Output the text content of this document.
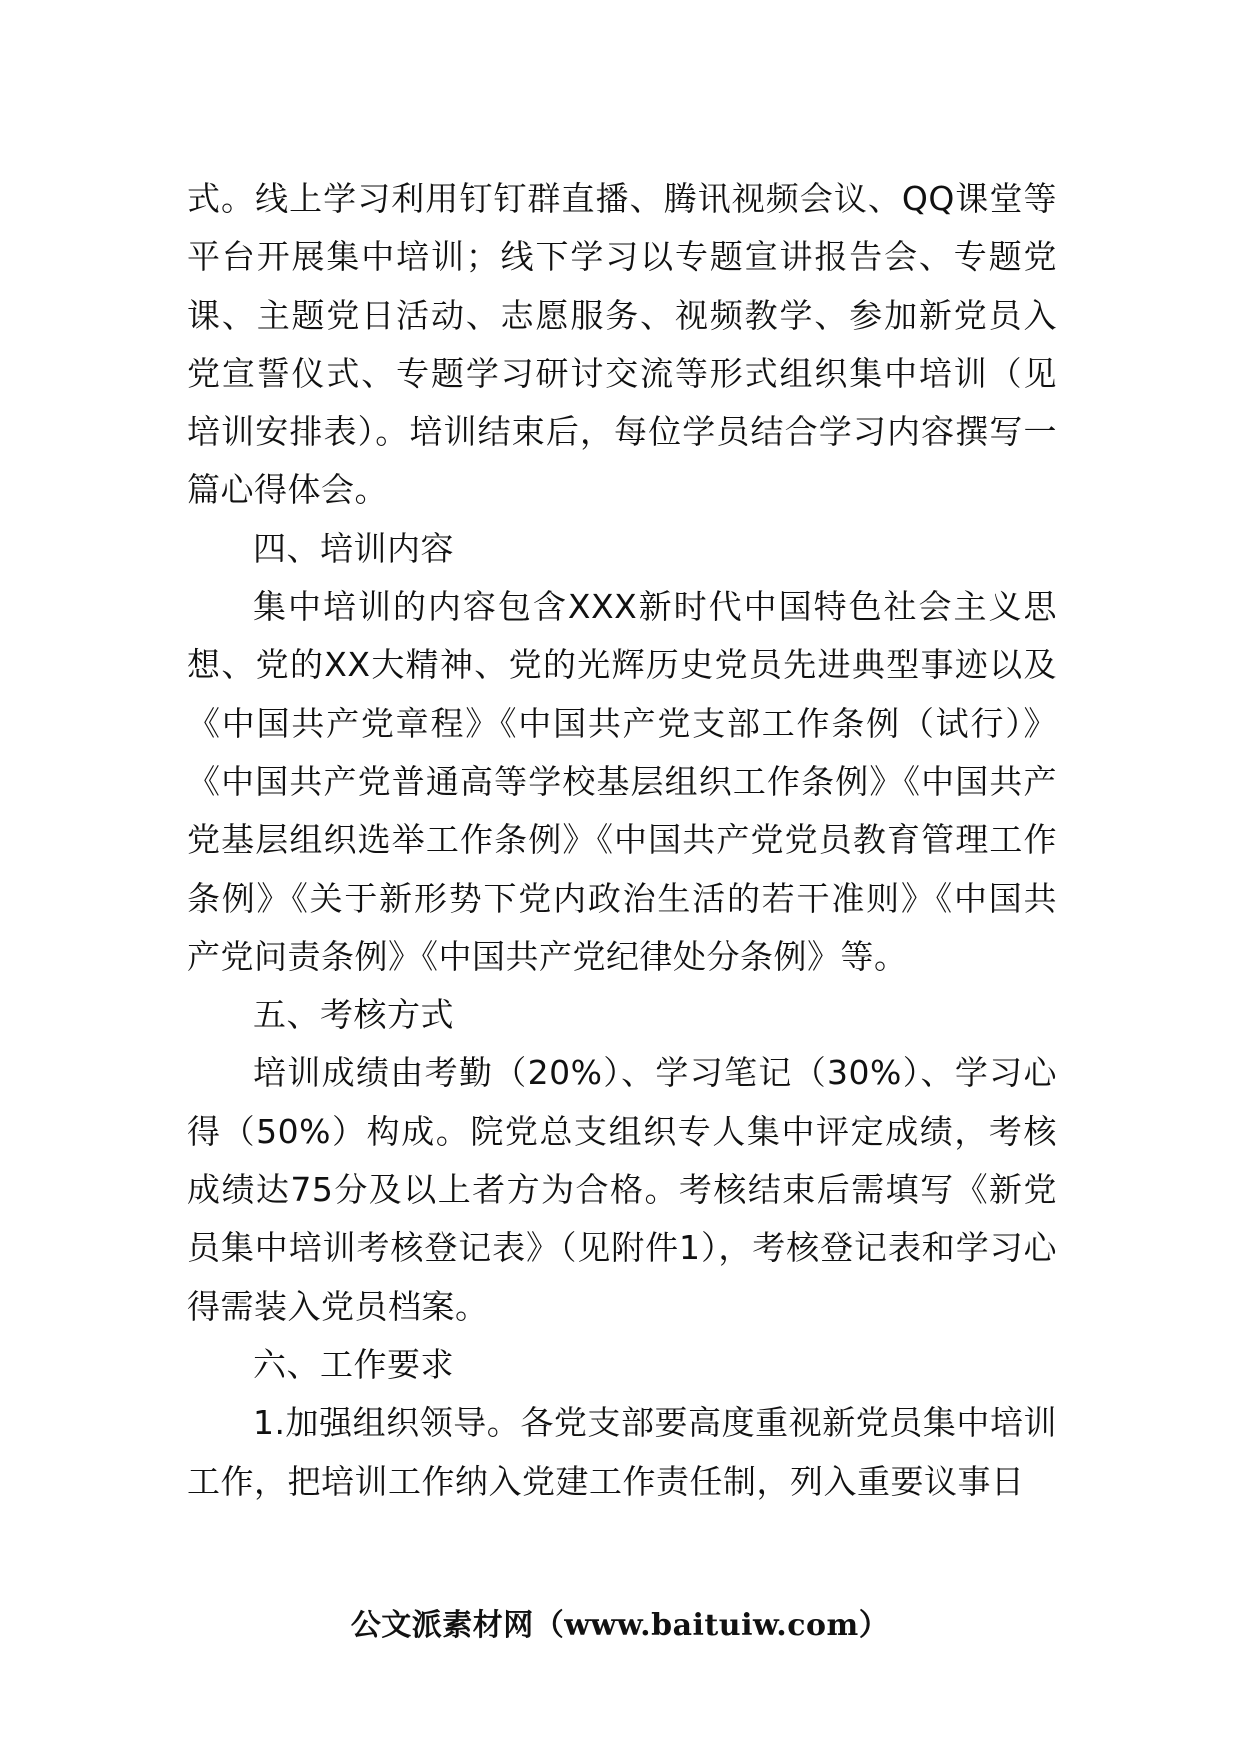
式。线上学习利用钉钉群直播、腾讯视频会议、QQ课堂等平台开展集中培训；线下学习以专题宣讲报告会、专题党课、主题党日活动、志愿服务、视频教学、参加新党员入党宣誓仪式、专题学习研讨交流等形式组织集中培训（见培训安排表）。培训结束后，每位学员结合学习内容撰写一篇心得体会。

四、培训内容

集中培训的内容包含XXX新时代中国特色社会主义思想、党的XX大精神、党的光辉历史党员先进典型事迹以及《中国共产党章程》《中国共产党支部工作条例（试行）》《中国共产党普通高等学校基层组织工作条例》《中国共产党基层组织选举工作条例》《中国共产党党员教育管理工作条例》《关于新形势下党内政治生活的若干准则》《中国共产党问责条例》《中国共产党纪律处分条例》等。

五、考核方式

培训成绩由考勤（20%）、学习笔记（30%）、学习心得（50%）构成。院党总支组织专人集中评定成绩，考核成绩达75分及以上者方为合格。考核结束后需填写《新党员集中培训考核登记表》（见附件1），考核登记表和学习心得需装入党员档案。

六、工作要求

1.加强组织领导。各党支部要高度重视新党员集中培训工作，把培训工作纳入党建工作责任制，列入重要议事日

公文派素材网（www.baituiw.com）
